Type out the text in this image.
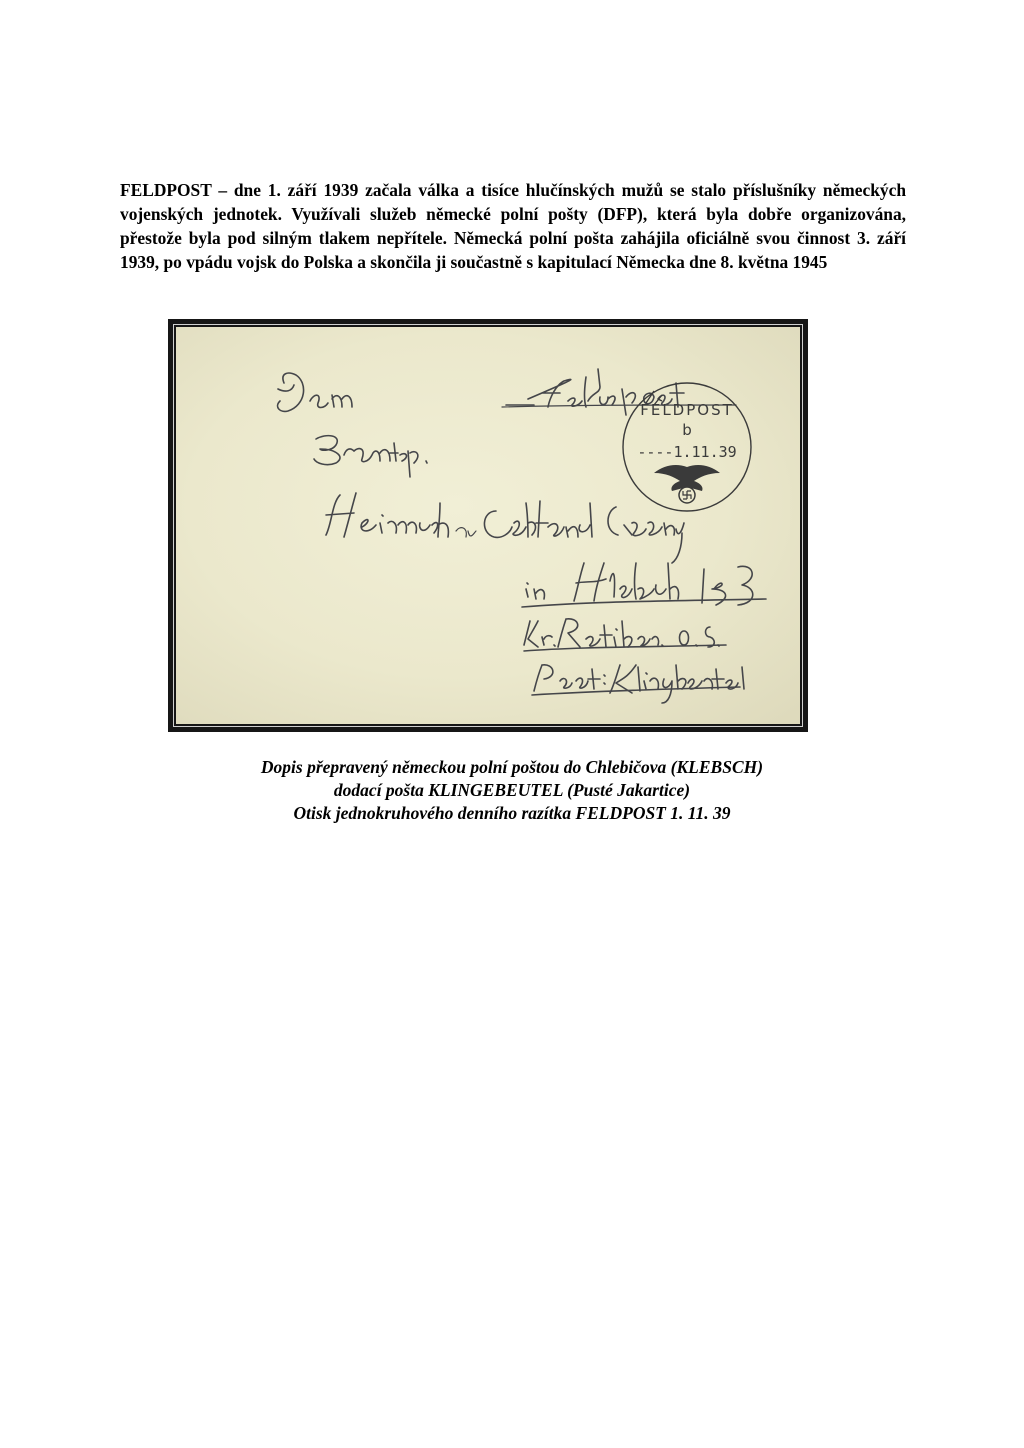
FELDPOST – dne 1. září 1939 začala válka a tisíce hlučínských mužů se stalo příslušníky německých vojenských jednotek. Využívali služeb německé polní pošty (DFP), která byla dobře organizována, přestože byla pod silným tlakem nepřítele. Německá polní pošta zahájila oficiálně svou činnost 3. září 1939, po vpádu vojsk do Polska a skončila ji součastně s kapitulací Německa dne 8. května 1945

FELDPOST
b
----1.11.39
Dopis přepravený německou polní poštou do Chlebičova (KLEBSCH)
dodací pošta KLINGEBEUTEL (Pusté Jakartice)
Otisk jednokruhového denního razítka FELDPOST 1. 11. 39
